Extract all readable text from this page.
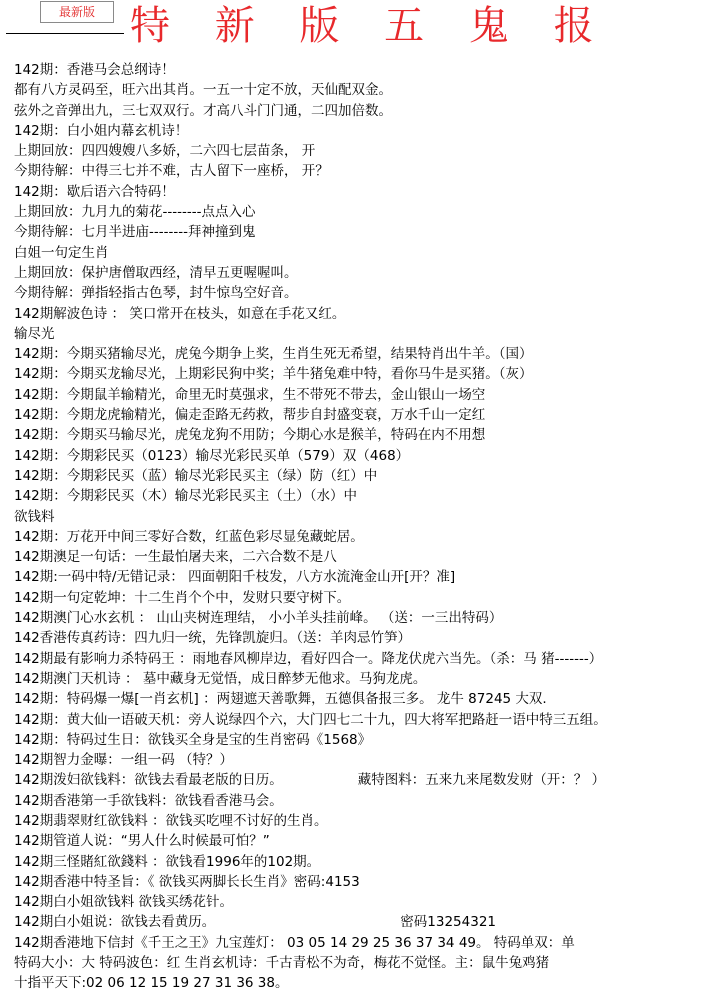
最新版 特 新 版 五 鬼 报
142期：香港马会总纲诗！
都有八方灵码至，旺六出其肖。一五一十定不放，天仙配双金。
弦外之音弹出九，三七双双行。才高八斗门门通，二四加倍数。
142期：白小姐内幕玄机诗！
上期回放：四四嫂嫂八多娇，二六四七层苗条， 开
今期待解：中得三七并不难，古人留下一座桥， 开？
142期：歇后语六合特码！
上期回放：九月九的菊花--------点点入心
今期待解：七月半进庙--------拜神撞到鬼
白姐一句定生肖
上期回放：保护唐僧取西经，清早五更喔喔叫。
今期待解：弹指轻指古色琴，封牛惊鸟空好音。
142期解波色诗 ： 笑口常开在枝头，如意在手花又红。
输尽光
142期：今期买猪输尽光，虎兔今期争上奖，生肖生死无希望，结果特肖出牛羊。（国）
142期：今期买龙输尽光，上期彩民狗中奖；羊牛猪兔难中特，看你马牛是买猪。（灰）
142期：今期鼠羊输精光，命里无时莫强求，生不带死不带去，金山银山一场空
142期：今期龙虎输精光，偏走歪路无药救，帮步自封盛变衰，万水千山一定红
142期：今期买马输尽光，虎兔龙狗不用防；今期心水是猴羊，特码在内不用想
142期：今期彩民买（0123）输尽光彩民买单（579）双（468）
142期：今期彩民买（蓝）输尽光彩民买主（绿）防（红）中
142期：今期彩民买（木）输尽光彩民买主（土）（水）中
欲钱料
142期：万花开中间三零好合数，红蓝色彩尽显兔藏蛇居。
142期澳足一句话：一生最怕屠夫来，二六合数不是八
142期:一码中特/无错记录： 四面朝阳千枝发，八方水流淹金山开[开？准]
142期一句定乾坤：十二生肖个个中，发财只要守树下。
142期澳门心水玄机 ： 山山夹树连理结， 小小羊头挂前峰。 （送：一三出特码）
142香港传真药诗：四九归一统，先锋凯旋归。（送：羊肉忌竹笋）
142期最有影响力杀特码王 ：雨地春风柳岸边，看好四合一。降龙伏虎六当先。（杀：马 猪-------）
142期澳门天机诗 ： 墓中藏身无觉悟，成日醉梦无他求。马狗龙虎。
142期：特码爆一爆[一肖玄机] ：两翅遮天善歌舞，五德俱备报三多。 龙牛 87245 大双.
142期：黄大仙一语破天机：旁人说绿四个六，大门四七二十九，四大将军把路赶一语中特三五组。
142期：特码过生日：欲钱买全身是宝的生肖密码《1568》
142期智力金曝：一组一码 （特？）
142期泼妇欲钱料：欲钱去看最老版的日历。	藏特图料：五来九来尾数发财（开：？ ）
142期香港第一手欲钱料：欲钱看香港马会。
142期翡翠财红欲钱料 ：欲钱买吃哩不讨好的生肖。
142期管道人说：“男人什么时候最可怕？”
142期三怪賭紅欲錢料 ：欲钱看1996年的102期。
142期香港中特圣旨：《 欲钱买两脚长长生肖》密码:4153
142期白小姐欲钱料 欲钱买绣花针。
142期白小姐说：欲钱去看黄历。	密码13254321
142期香港地下信封《千王之王》九宝莲灯： 03 05 14 29 25 36 37 34 49。 特码单双：单
特码大小：大 特码波色：红 生肖玄机诗：千古青松不为奇，梅花不觉怪。主：鼠牛兔鸡猪
十指平天下:02 06 12 15 19 27 31 36 38。
